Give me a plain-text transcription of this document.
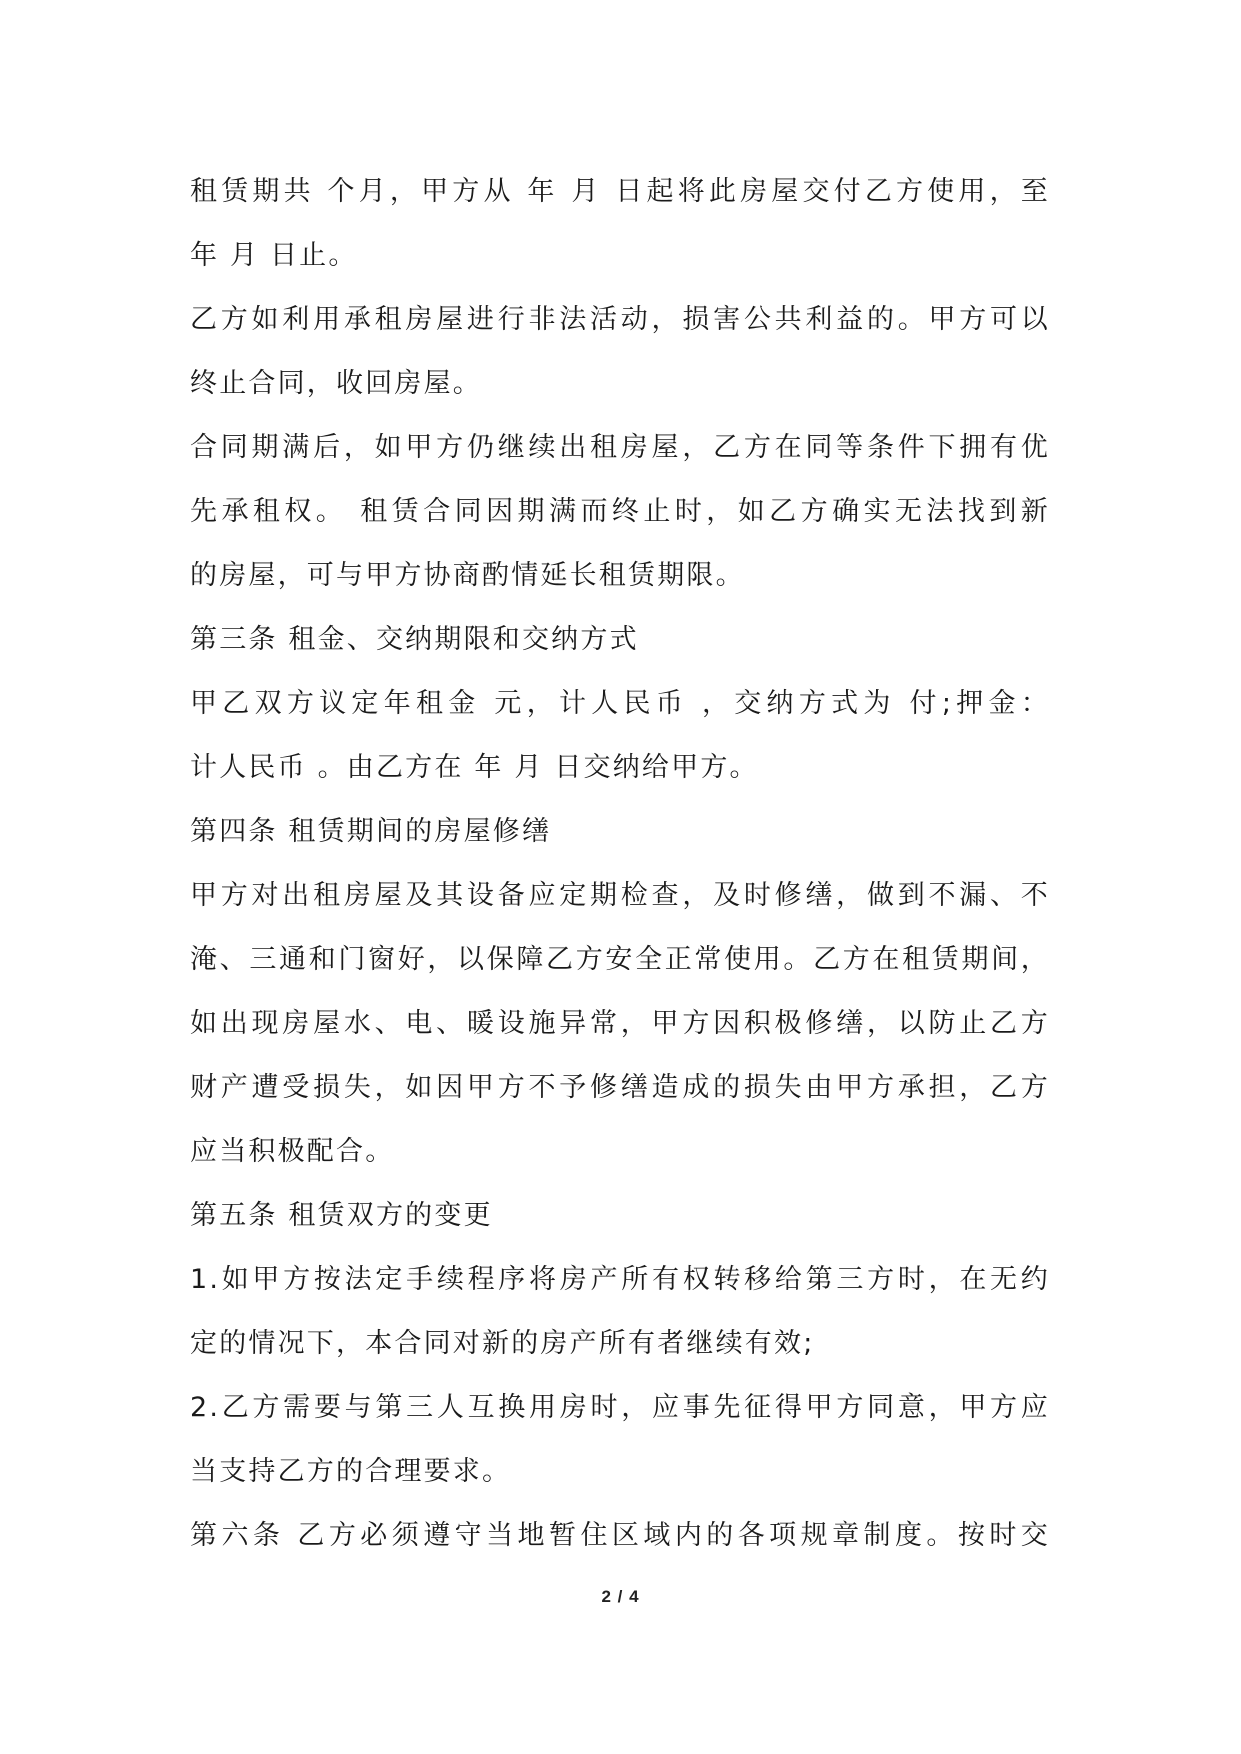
租赁期共 个月，甲方从 年 月 日起将此房屋交付乙方使用，至
年 月 日止。
乙方如利用承租房屋进行非法活动，损害公共利益的。甲方可以
终止合同，收回房屋。
合同期满后，如甲方仍继续出租房屋，乙方在同等条件下拥有优
先承租权。 租赁合同因期满而终止时，如乙方确实无法找到新
的房屋，可与甲方协商酌情延长租赁期限。
第三条 租金、交纳期限和交纳方式
甲乙双方议定年租金 元，计人民币 ，交纳方式为 付;押金：
计人民币 。由乙方在 年 月 日交纳给甲方。
第四条 租赁期间的房屋修缮
甲方对出租房屋及其设备应定期检查，及时修缮，做到不漏、不
淹、三通和门窗好，以保障乙方安全正常使用。乙方在租赁期间，
如出现房屋水、电、暖设施异常，甲方因积极修缮，以防止乙方
财产遭受损失，如因甲方不予修缮造成的损失由甲方承担，乙方
应当积极配合。
第五条 租赁双方的变更
1.如甲方按法定手续程序将房产所有权转移给第三方时，在无约
定的情况下，本合同对新的房产所有者继续有效;
2.乙方需要与第三人互换用房时，应事先征得甲方同意，甲方应
当支持乙方的合理要求。
第六条 乙方必须遵守当地暂住区域内的各项规章制度。按时交
2 / 4
